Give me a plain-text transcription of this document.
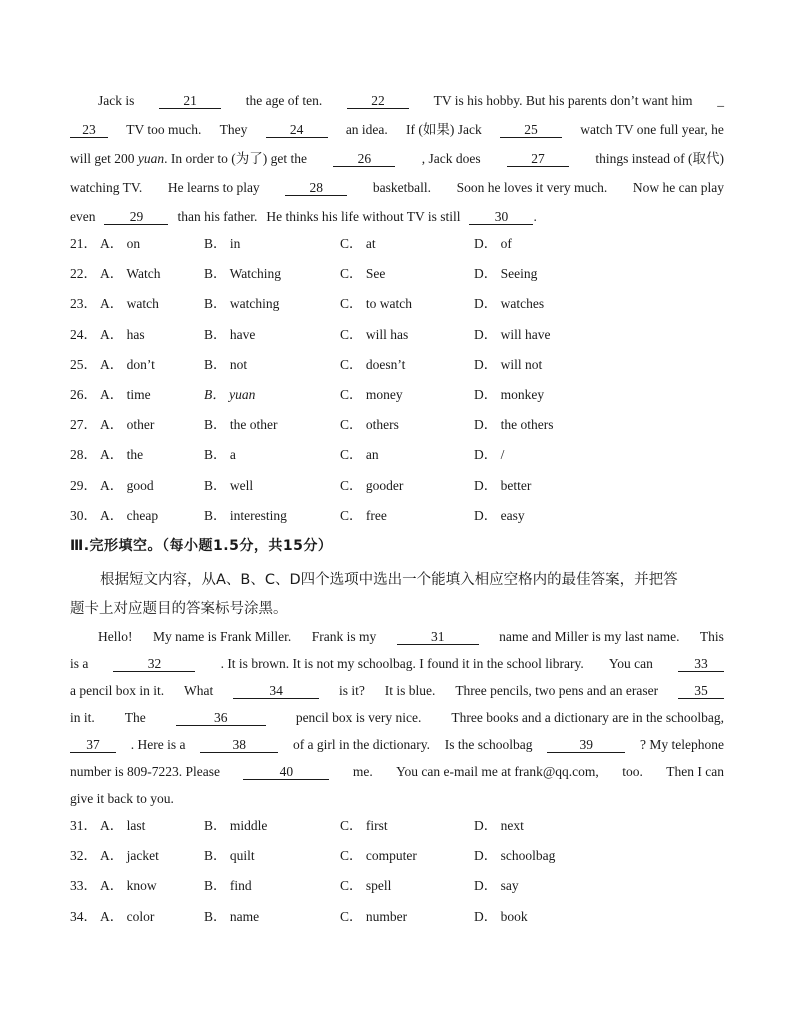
Jack is	21	the age of ten.	22	TV is his hobby. But his parents don’t want him _
23	TV too much. They	24	an idea. If (如果) Jack	25	watch TV one full year, he
will get 200 yuan. In order to (为了) get the	26	, Jack does	27	things instead of (取代)
watching TV. He learns to play	28	basketball. Soon he loves it very much. Now he can play
even	29	than his father. He thinks his life without TV is still	30	.
21． A． on	B． in	C． at	D． of
22． A． Watch	B． Watching	C． See	D． Seeing
23． A． watch	B． watching	C． to watch	D． watches
24． A． has	B． have	C． will has	D． will have
25． A． don’t	B． not	C． doesn’t	D． will not
26． A． time	B． yuan	C． money	D． monkey
27． A． other	B． the other	C． others	D． the others
28． A． the	B． a	C． an	D． /
29． A． good	B． well	C． gooder	D． better
30． A． cheap	B． interesting	C． free	D． easy
Ⅲ.完形填空。（每小题1.5分，共15分）
根据短文内容，从A、B、C、D四个选项中选出一个能填入相应空格内的最佳答案，并把答
题卡上对应题目的答案标号涂黑。
Hello! My name is Frank Miller. Frank is my	31	name and Miller is my last name. This
is a	32	. It is brown. It is not my schoolbag. I found it in the school library. You can	33
a pencil box in it. What	34	is it? It is blue. Three pencils, two pens and an eraser	35
in it. The	36	pencil box is very nice. Three books and a dictionary are in the schoolbag,
37	. Here is a	38	of a girl in the dictionary. Is the schoolbag	39	? My telephone
number is 809-7223. Please	40	me. You can e-mail me at frank@qq.com, too. Then I can
give it back to you.
31． A． last	B． middle	C． first	D． next
32． A． jacket	B． quilt	C． computer	D． schoolbag
33． A． know	B． find	C． spell	D． say
34． A． color	B． name	C． number	D． book
